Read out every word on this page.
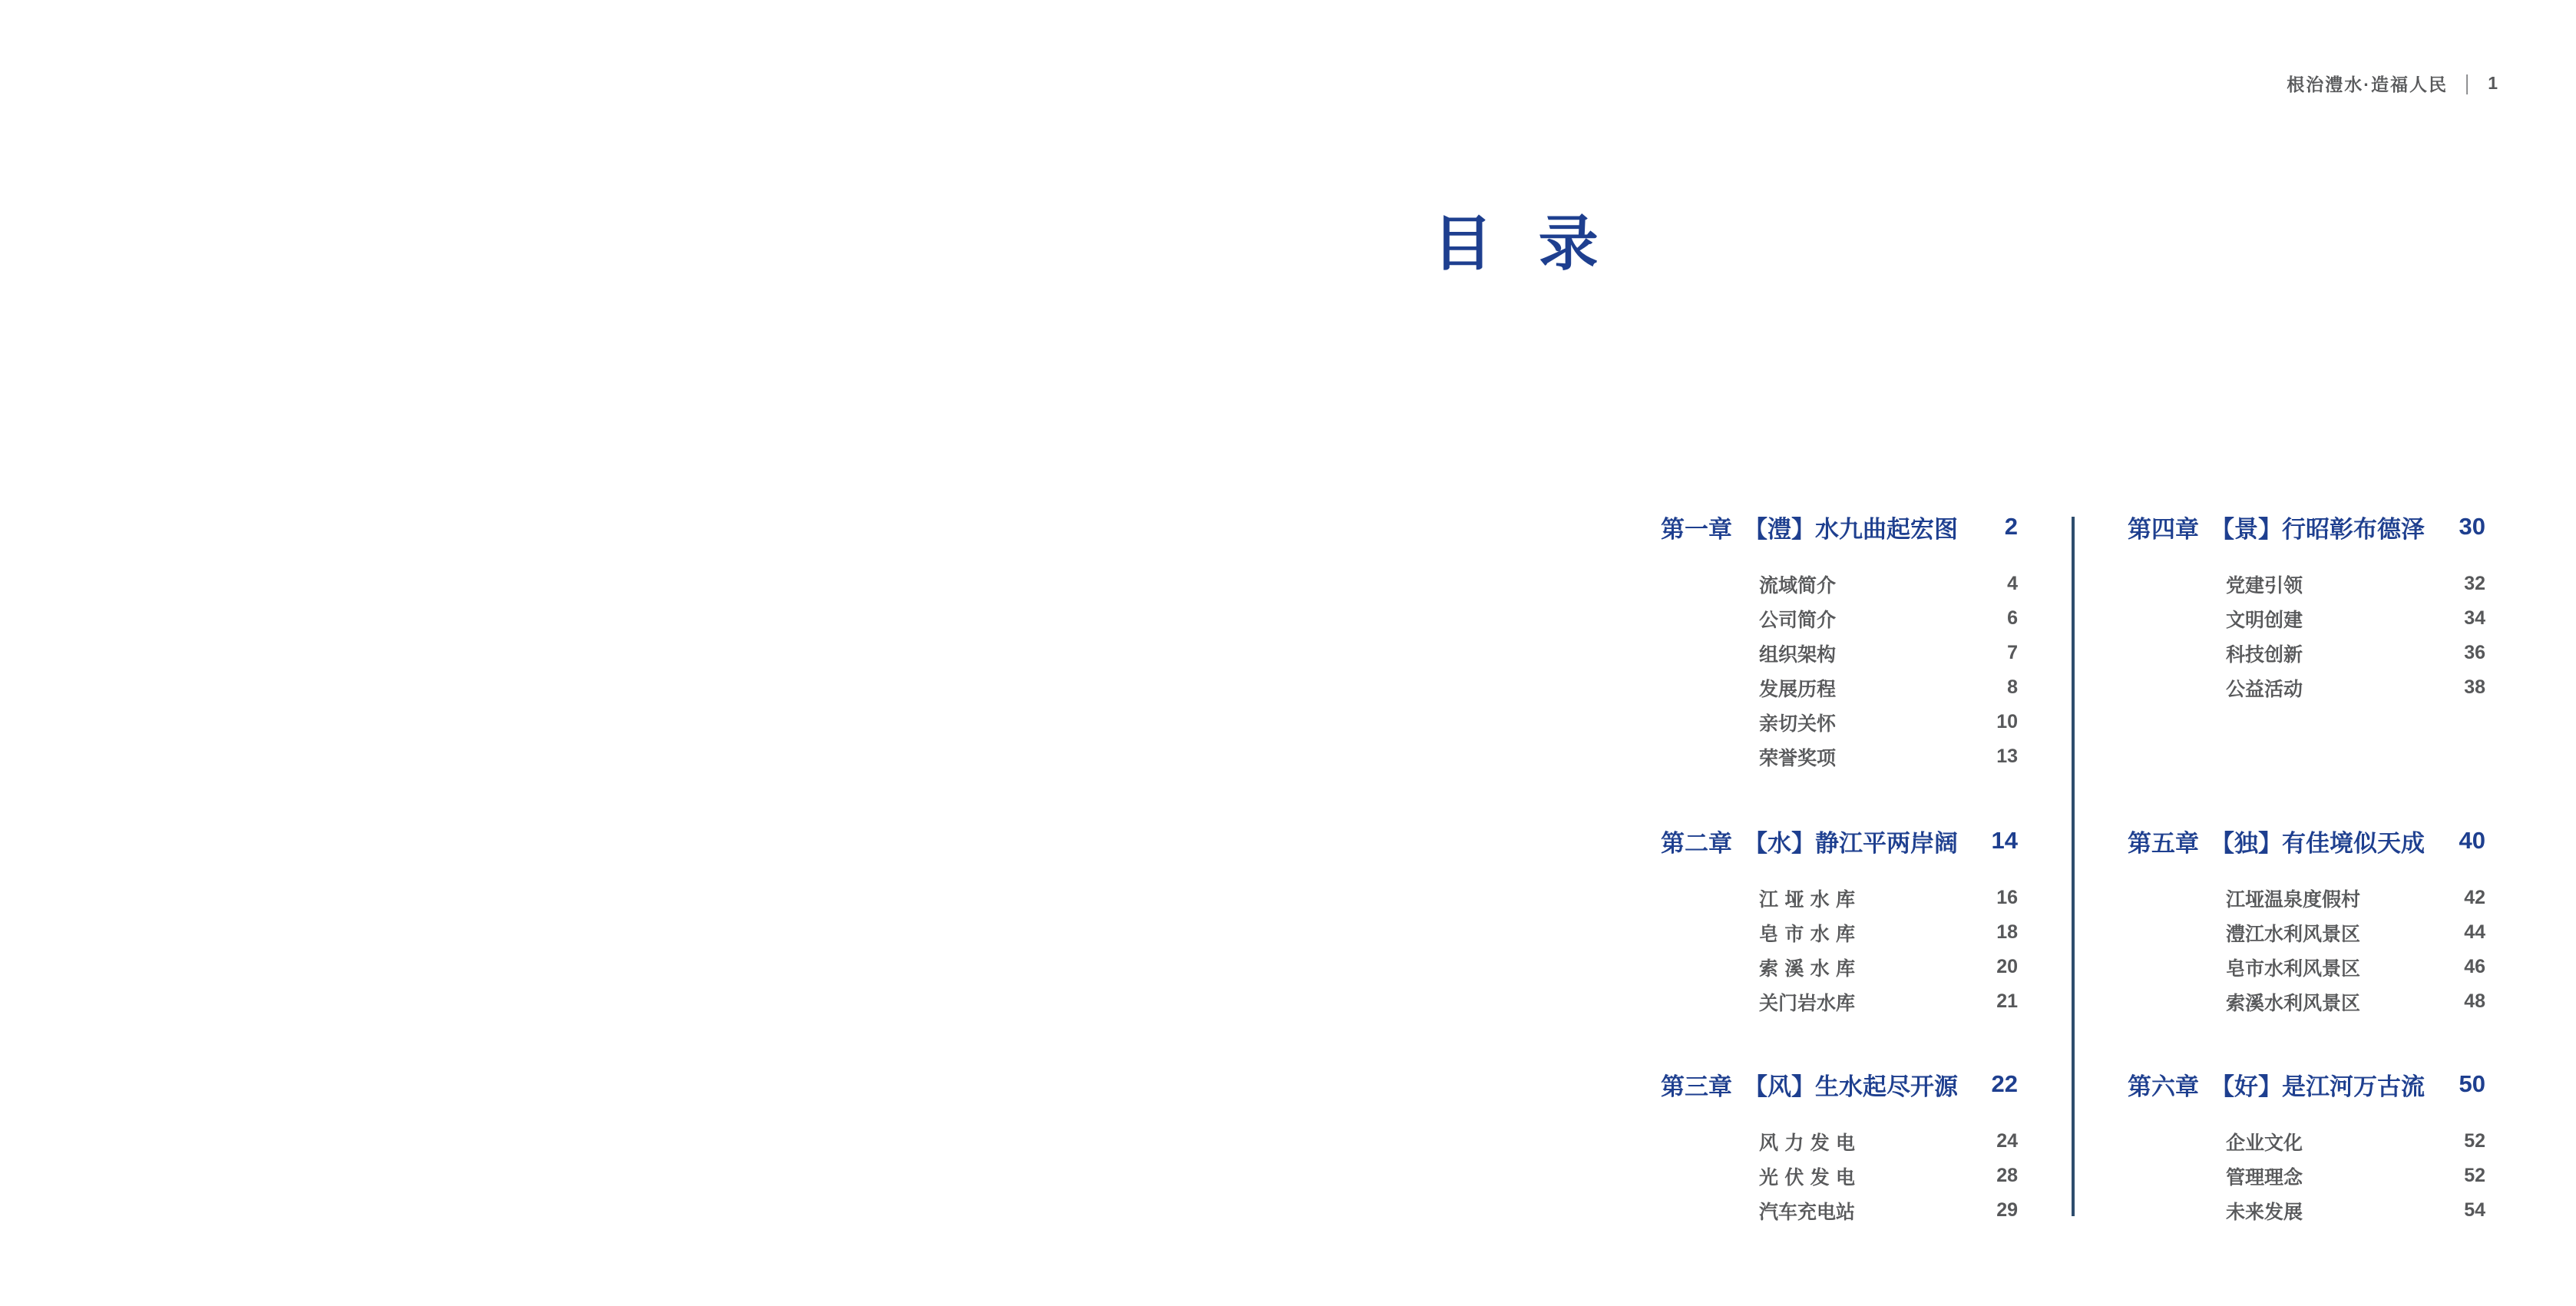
根治澧水·造福人民 | 1
目 录
第一章 【澧】水九曲起宏图 2
流域简介	4
公司简介	6
组织架构	7
发展历程	8
亲切关怀	10
荣誉奖项	13
第二章 【水】静江平两岸阔 14
江垭水库	16
皂市水库	18
索溪水库	20
关门岩水库	21
第三章 【风】生水起尽开源 22
风力发电	24
光伏发电	28
汽车充电站	29
第四章 【景】行昭彰布德泽 30
党建引领	32
文明创建	34
科技创新	36
公益活动	38
第五章 【独】有佳境似天成 40
江垭温泉度假村	42
澧江水利风景区	44
皂市水利风景区	46
索溪水利风景区	48
第六章 【好】是江河万古流 50
企业文化	52
管理理念	52
未来发展	54
